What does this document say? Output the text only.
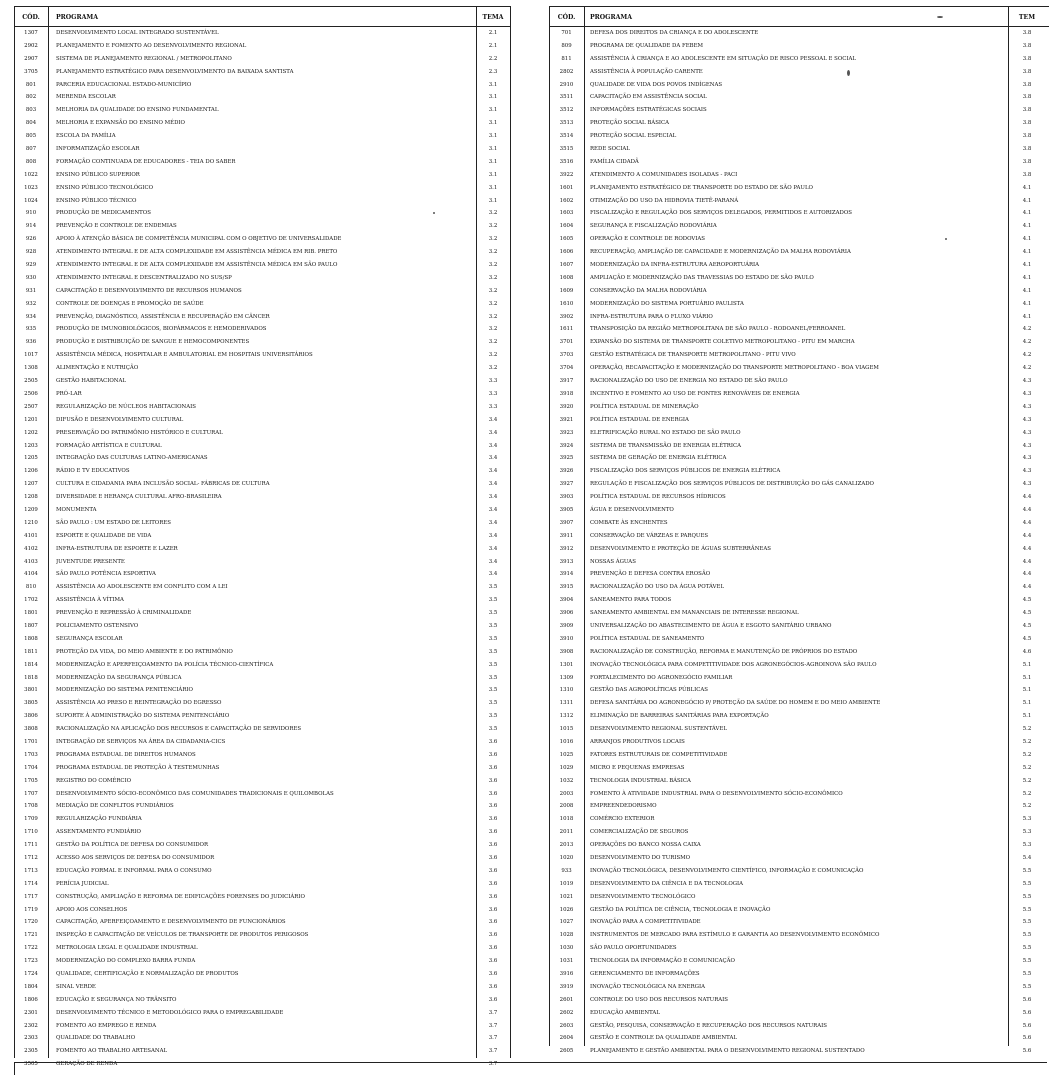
CÓD.	PROGRAMA	TEMA
1307	DESENVOLVIMENTO LOCAL INTEGRADO SUSTENTÁVEL	2.1
2902	PLANEJAMENTO E FOMENTO AO DESENVOLVIMENTO REGIONAL	2.1
2907	SISTEMA DE PLANEJAMENTO REGIONAL / METROPOLITANO	2.2
3705	PLANEJAMENTO ESTRATÉGICO PARA DESENVOLVIMENTO DA BAIXADA SANTISTA	2.3
801	PARCERIA EDUCACIONAL ESTADO-MUNICÍPIO	3.1
802	MERENDA ESCOLAR	3.1
803	MELHORIA DA QUALIDADE DO ENSINO FUNDAMENTAL	3.1
804	MELHORIA E EXPANSÃO DO ENSINO MÉDIO	3.1
805	ESCOLA DA FAMÍLIA	3.1
807	INFORMATIZAÇÃO ESCOLAR	3.1
808	FORMAÇÃO CONTINUADA DE EDUCADORES - TEIA DO SABER	3.1
1022	ENSINO PÚBLICO SUPERIOR	3.1
1023	ENSINO PÚBLICO TECNOLÓGICO	3.1
1024	ENSINO PÚBLICO TÉCNICO	3.1
910	PRODUÇÃO DE MEDICAMENTOS	3.2
914	PREVENÇÃO E CONTROLE DE ENDEMIAS	3.2
926	APOIO À ATENÇÃO BÁSICA DE COMPETÊNCIA MUNICIPAL COM O OBJETIVO DE UNIVERSALIDADE	3.2
928	ATENDIMENTO INTEGRAL E DE ALTA COMPLEXIDADE EM ASSISTÊNCIA MÉDICA EM RIB. PRETO	3.2
929	ATENDIMENTO INTEGRAL E DE ALTA COMPLEXIDADE EM ASSISTÊNCIA MÉDICA EM SÃO PAULO	3.2
930	ATENDIMENTO INTEGRAL E DESCENTRALIZADO NO SUS/SP	3.2
931	CAPACITAÇÃO E DESENVOLVIMENTO DE RECURSOS HUMANOS	3.2
932	CONTROLE DE DOENÇAS E PROMOÇÃO DE SAÚDE	3.2
934	PREVENÇÃO, DIAGNÓSTICO, ASSISTÊNCIA E RECUPERAÇÃO EM CÂNCER	3.2
935	PRODUÇÃO DE IMUNOBIOLÓGICOS, BIOFÁRMACOS E HEMODERIVADOS	3.2
936	PRODUÇÃO E DISTRIBUIÇÃO DE SANGUE E HEMOCOMPONENTES	3.2
1017	ASSISTÊNCIA MÉDICA, HOSPITALAR E AMBULATORIAL EM HOSPITAIS UNIVERSITÁRIOS	3.2
1308	ALIMENTAÇÃO E NUTRIÇÃO	3.2
2505	GESTÃO HABITACIONAL	3.3
2506	PRÓ-LAR	3.3
2507	REGULARIZAÇÃO DE NÚCLEOS HABITACIONAIS	3.3
1201	DIFUSÃO E DESENVOLVIMENTO CULTURAL	3.4
1202	PRESERVAÇÃO DO PATRIMÔNIO HISTÓRICO E CULTURAL	3.4
1203	FORMAÇÃO ARTÍSTICA E CULTURAL	3.4
1205	INTEGRAÇÃO DAS CULTURAS LATINO-AMERICANAS	3.4
1206	RÁDIO E TV EDUCATIVOS	3.4
1207	CULTURA E CIDADANIA PARA INCLUSÃO SOCIAL- FÁBRICAS DE CULTURA	3.4
1208	DIVERSIDADE E HERANÇA CULTURAL AFRO-BRASILEIRA	3.4
1209	MONUMENTA	3.4
1210	SÃO PAULO : UM ESTADO DE LEITORES	3.4
4101	ESPORTE E QUALIDADE DE VIDA	3.4
4102	INFRA-ESTRUTURA DE ESPORTE E LAZER	3.4
4103	JUVENTUDE PRESENTE	3.4
4104	SÃO PAULO POTÊNCIA ESPORTIVA	3.4
810	ASSISTÊNCIA AO ADOLESCENTE EM CONFLITO COM A LEI	3.5
1702	ASSISTÊNCIA À VÍTIMA	3.5
1801	PREVENÇÃO E REPRESSÃO À CRIMINALIDADE	3.5
1807	POLICIAMENTO OSTENSIVO	3.5
1808	SEGURANÇA ESCOLAR	3.5
1811	PROTEÇÃO DA VIDA, DO MEIO AMBIENTE E DO PATRIMÔNIO	3.5
1814	MODERNIZAÇÃO E APERFEIÇOAMENTO DA POLÍCIA TÉCNICO-CIENTÍFICA	3.5
1818	MODERNIZAÇÃO DA SEGURANÇA PÚBLICA	3.5
3801	MODERNIZAÇÃO DO SISTEMA PENITENCIÁRIO	3.5
3805	ASSISTÊNCIA AO PRESO E REINTEGRAÇÃO DO EGRESSO	3.5
3806	SUPORTE À ADMINISTRAÇÃO DO SISTEMA PENITENCIÁRIO	3.5
3808	RACIONALIZAÇÃO NA APLICAÇÃO DOS RECURSOS E CAPACITAÇÃO DE SERVIDORES	3.5
1701	INTEGRAÇÃO DE SERVIÇOS NA ÁREA DA CIDADANIA-CICS	3.6
1703	PROGRAMA ESTADUAL DE DIREITOS HUMANOS	3.6
1704	PROGRAMA ESTADUAL DE PROTEÇÃO À TESTEMUNHAS	3.6
1705	REGISTRO DO COMÉRCIO	3.6
1707	DESENVOLVIMENTO SÓCIO-ECONÔMICO DAS COMUNIDADES TRADICIONAIS E QUILOMBOLAS	3.6
1708	MEDIAÇÃO DE CONFLITOS FUNDIÁRIOS	3.6
1709	REGULARIZAÇÃO FUNDIÁRIA	3.6
1710	ASSENTAMENTO FUNDIÁRIO	3.6
1711	GESTÃO DA POLÍTICA DE DEFESA DO CONSUMIDOR	3.6
1712	ACESSO AOS SERVIÇOS DE DEFESA DO CONSUMIDOR	3.6
1713	EDUCAÇÃO FORMAL E INFORMAL PARA O CONSUMO	3.6
1714	PERÍCIA JUDICIAL	3.6
1717	CONSTRUÇÃO, AMPLIAÇÃO E REFORMA DE EDIFICAÇÕES FORENSES DO JUDICIÁRIO	3.6
1719	APOIO AOS CONSELHOS	3.6
1720	CAPACITAÇÃO, APERFEIÇOAMENTO E DESENVOLVIMENTO DE FUNCIONÁRIOS	3.6
1721	INSPEÇÃO E CAPACITAÇÃO DE VEÍCULOS DE TRANSPORTE DE PRODUTOS PERIGOSOS	3.6
1722	METROLOGIA LEGAL E QUALIDADE INDUSTRIAL	3.6
1723	MODERNIZAÇÃO DO COMPLEXO BARRA FUNDA	3.6
1724	QUALIDADE, CERTIFICAÇÃO E NORMALIZAÇÃO DE PRODUTOS	3.6
1804	SINAL VERDE	3.6
1806	EDUCAÇÃO E SEGURANÇA NO TRÂNSITO	3.6
2301	DESENVOLVIMENTO TÉCNICO E METODOLÓGICO PARA O EMPREGABILIDADE	3.7
2302	FOMENTO AO EMPREGO E RENDA	3.7
2303	QUALIDADE DO TRABALHO	3.7
2305	FOMENTO AO TRABALHO ARTESANAL	3.7
3505	GERAÇÃO DE RENDA	3.7
CÓD.	PROGRAMA	TEM
701	DEFESA DOS DIREITOS DA CRIANÇA E DO ADOLESCENTE	3.8
809	PROGRAMA DE QUALIDADE DA FEBEM	3.8
811	ASSISTÊNCIA À CRIANÇA E AO ADOLESCENTE EM SITUAÇÃO DE RISCO PESSOAL E SOCIAL	3.8
2802	ASSISTÊNCIA À POPULAÇÃO CARENTE	3.8
2910	QUALIDADE DE VIDA DOS POVOS INDÍGENAS	3.8
3511	CAPACITAÇÃO EM ASSISTÊNCIA SOCIAL	3.8
3512	INFORMAÇÕES ESTRATÉGICAS SOCIAIS	3.8
3513	PROTEÇÃO SOCIAL BÁSICA	3.8
3514	PROTEÇÃO SOCIAL ESPECIAL	3.8
3515	REDE SOCIAL	3.8
3516	FAMÍLIA CIDADÃ	3.8
3922	ATENDIMENTO A COMUNIDADES ISOLADAS - PACI	3.8
1601	PLANEJAMENTO ESTRATÉGICO DE TRANSPORTE DO ESTADO DE SÃO PAULO	4.1
1602	OTIMIZAÇÃO DO USO DA HIDROVIA TIETÊ-PARANÁ	4.1
1603	FISCALIZAÇÃO E REGULAÇÃO DOS SERVIÇOS DELEGADOS, PERMITIDOS E AUTORIZADOS	4.1
1604	SEGURANÇA E FISCALIZAÇÃO RODOVIÁRIA	4.1
1605	OPERAÇÃO E CONTROLE DE RODOVIAS	4.1
1606	RECUPERAÇÃO, AMPLIAÇÃO DE CAPACIDADE E MODERNIZAÇÃO DA MALHA RODOVIÁRIA	4.1
1607	MODERNIZAÇÃO DA INFRA-ESTRUTURA AEROPORTUÁRIA	4.1
1608	AMPLIAÇÃO E MODERNIZAÇÃO DAS TRAVESSIAS DO ESTADO DE SÃO PAULO	4.1
1609	CONSERVAÇÃO DA MALHA RODOVIÁRIA	4.1
1610	MODERNIZAÇÃO DO SISTEMA PORTUÁRIO PAULISTA	4.1
3902	INFRA-ESTRUTURA PARA O FLUXO VIÁRIO	4.1
1611	TRANSPOSIÇÃO DA REGIÃO METROPOLITANA DE SÃO PAULO - RODOANEL/FERROANEL	4.2
3701	EXPANSÃO DO SISTEMA DE TRANSPORTE COLETIVO METROPOLITANO - PITU EM MARCHA	4.2
3703	GESTÃO ESTRATÉGICA DE TRANSPORTE METROPOLITANO - PITU VIVO	4.2
3704	OPERAÇÃO, RECAPACITAÇÃO E MODERNIZAÇÃO DO TRANSPORTE METROPOLITANO - BOA VIAGEM	4.2
3917	RACIONALIZAÇÃO DO USO DE ENERGIA NO ESTADO DE SÃO PAULO	4.3
3918	INCENTIVO E FOMENTO AO USO DE FONTES RENOVÁVEIS DE ENERGIA	4.3
3920	POLÍTICA ESTADUAL DE MINERAÇÃO	4.3
3921	POLÍTICA ESTADUAL DE ENERGIA	4.3
3923	ELETRIFICAÇÃO RURAL NO ESTADO DE SÃO PAULO	4.3
3924	SISTEMA DE TRANSMISSÃO DE ENERGIA ELÉTRICA	4.3
3925	SISTEMA DE GERAÇÃO DE ENERGIA ELÉTRICA	4.3
3926	FISCALIZAÇÃO DOS SERVIÇOS PÚBLICOS DE ENERGIA ELÉTRICA	4.3
3927	REGULAÇÃO E FISCALIZAÇÃO DOS SERVIÇOS PÚBLICOS DE DISTRIBUIÇÃO DO GÁS CANALIZADO	4.3
3903	POLÍTICA ESTADUAL DE RECURSOS HÍDRICOS	4.4
3905	ÁGUA E DESENVOLVIMENTO	4.4
3907	COMBATE ÀS ENCHENTES	4.4
3911	CONSERVAÇÃO DE VÁRZEAS E PARQUES	4.4
3912	DESENVOLVIMENTO E PROTEÇÃO DE ÁGUAS SUBTERRÂNEAS	4.4
3913	NOSSAS ÁGUAS	4.4
3914	PREVENÇÃO E DEFESA CONTRA EROSÃO	4.4
3915	RACIONALIZAÇÃO DO USO DA ÁGUA POTÁVEL	4.4
3904	SANEAMENTO PARA TODOS	4.5
3906	SANEAMENTO AMBIENTAL EM MANANCIAIS DE INTERESSE REGIONAL	4.5
3909	UNIVERSALIZAÇÃO DO ABASTECIMENTO DE ÁGUA E ESGOTO SANITÁRIO URBANO	4.5
3910	POLÍTICA ESTADUAL DE SANEAMENTO	4.5
3908	RACIONALIZAÇÃO DE CONSTRUÇÃO, REFORMA E MANUTENÇÃO DE PRÓPRIOS DO ESTADO	4.6
1301	INOVAÇÃO TECNOLÓGICA PARA COMPETITIVIDADE DOS AGRONEGÓCIOS-AGROINOVA SÃO PAULO	5.1
1309	FORTALECIMENTO DO AGRONEGÓCIO FAMILIAR	5.1
1310	GESTÃO DAS AGROPOLÍTICAS PÚBLICAS	5.1
1311	DEFESA SANITÁRIA DO AGRONEGÓCIO P/ PROTEÇÃO DA SAÚDE DO HOMEM E DO MEIO AMBIENTE	5.1
1312	ELIMINAÇÃO DE BARREIRAS SANITÁRIAS PARA EXPORTAÇÃO	5.1
1015	DESENVOLVIMENTO REGIONAL SUSTENTÁVEL	5.2
1016	ARRANJOS PRODUTIVOS LOCAIS	5.2
1025	FATORES ESTRUTURAIS DE COMPETITIVIDADE	5.2
1029	MICRO E PEQUENAS EMPRESAS	5.2
1032	TECNOLOGIA INDUSTRIAL BÁSICA	5.2
2003	FOMENTO À ATIVIDADE INDUSTRIAL PARA O DESENVOLVIMENTO SÓCIO-ECONÔMICO	5.2
2008	EMPREENDEDORISMO	5.2
1018	COMÉRCIO EXTERIOR	5.3
2011	COMERCIALIZAÇÃO DE SEGUROS	5.3
2013	OPERAÇÕES DO BANCO NOSSA CAIXA	5.3
1020	DESENVOLVIMENTO DO TURISMO	5.4
933	INOVAÇÃO TECNOLÓGICA, DESENVOLVIMENTO CIENTÍFICO, INFORMAÇÃO E COMUNICAÇÃO	5.5
1019	DESENVOLVIMENTO DA CIÊNCIA E DA TECNOLOGIA	5.5
1021	DESENVOLVIMENTO TECNOLÓGICO	5.5
1026	GESTÃO DA POLÍTICA DE CIÊNCIA, TECNOLOGIA E INOVAÇÃO	5.5
1027	INOVAÇÃO PARA A COMPETITIVIDADE	5.5
1028	INSTRUMENTOS DE MERCADO PARA ESTÍMULO E GARANTIA AO DESENVOLVIMENTO ECONÔMICO	5.5
1030	SÃO PAULO OPORTUNIDADES	5.5
1031	TECNOLOGIA DA INFORMAÇÃO E COMUNICAÇÃO	5.5
3916	GERENCIAMENTO DE INFORMAÇÕES	5.5
3919	INOVAÇÃO TECNOLÓGICA NA ENERGIA	5.5
2601	CONTROLE DO USO DOS RECURSOS NATURAIS	5.6
2602	EDUCAÇÃO AMBIENTAL	5.6
2603	GESTÃO, PESQUISA, CONSERVAÇÃO E RECUPERAÇÃO DOS RECURSOS NATURAIS	5.6
2604	GESTÃO E CONTROLE DA QUALIDADE AMBIENTAL	5.6
2605	PLANEJAMENTO E GESTÃO AMBIENTAL PARA O DESENVOLVIMENTO REGIONAL SUSTENTADO	5.6
